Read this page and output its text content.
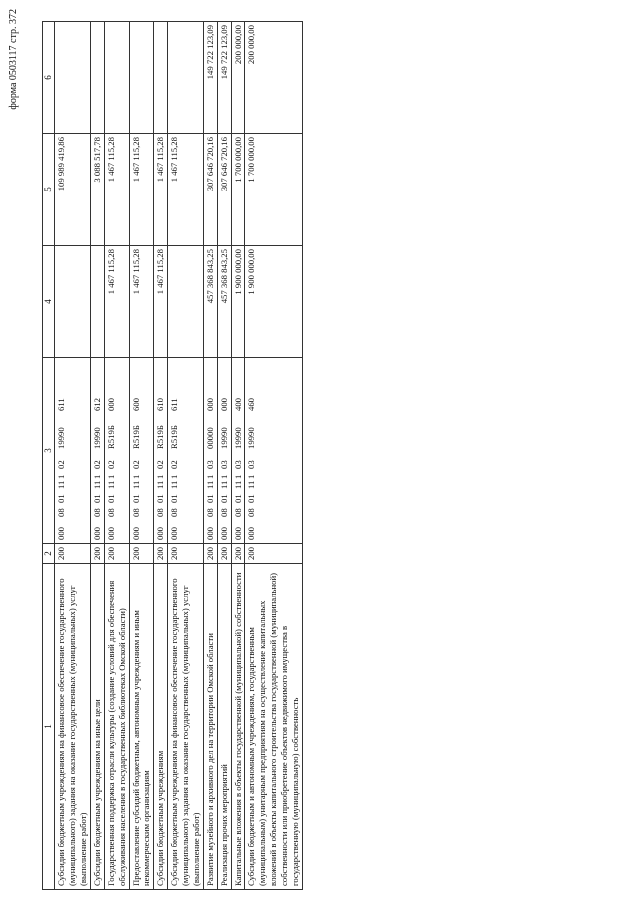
форма 0503117 стр. 372
1	2	3	4	5	6
Субсидии бюджетным учреждениям на финансовое обеспечение государственного (муниципального) задания на оказание государственных (муниципальных) услуг (выполнение работ)	200	00008011110219990611		109 989 419,86	
Субсидии бюджетным учреждениям на иные цели	200	00008011110219990612		3 088 517,78	
Государственная поддержка отрасли культуры (создание условий для обеспечения обслуживания населения в государственных библиотеках Омской области)	200	000080111102R519Б000	1 467 115,28	1 467 115,28	
Предоставление субсидий бюджетным, автономным учреждениям и иным некоммерческим организациям	200	000080111102R519Б600	1 467 115,28	1 467 115,28	
Субсидии бюджетным учреждениям	200	000080111102R519Б610	1 467 115,28	1 467 115,28	
Субсидии бюджетным учреждениям на финансовое обеспечение государственного (муниципального) задания на оказание государственных (муниципальных) услуг (выполнение работ)	200	000080111102R519Б611		1 467 115,28	
Развитие музейного и архивного дел на территории Омской области	200	00008011110300000000	457 368 843,25	307 646 720,16	149 722 123,09
Реализация прочих мероприятий	200	00008011110319990000	457 368 843,25	307 646 720,16	149 722 123,09
Капитальные вложения в объекты государственной (муниципальной) собственности	200	00008011110319990400	1 900 000,00	1 700 000,00	200 000,00
Субсидии бюджетным и автономным учреждениям, государственным (муниципальным) унитарным предприятиям на осуществление капитальных вложений в объекты капитального строительства государственной (муниципальной) собственности или приобретение объектов недвижимого имущества в государственную (муниципальную) собственность	200	00008011110319990460	1 900 000,00	1 700 000,00	200 000,00
